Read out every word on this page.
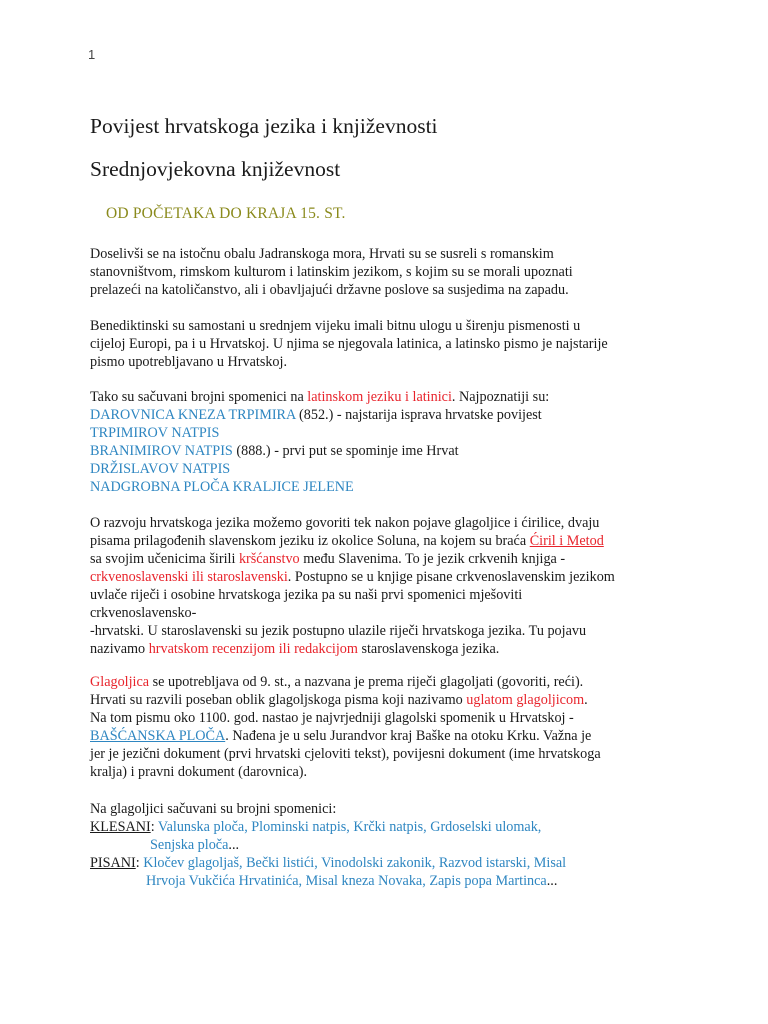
1
Povijest hrvatskoga jezika i književnosti
Srednjovjekovna književnost
OD POČETAKA DO KRAJA 15. ST.
Doselivši se na istočnu obalu Jadranskoga mora, Hrvati su se susreli s romanskim
stanovništvom, rimskom kulturom i latinskim jezikom, s kojim su se morali upoznati
prelazeći na katoličanstvo, ali i obavljajući državne poslove sa susjedima na zapadu.
Benediktinski su samostani u srednjem vijeku imali bitnu ulogu u širenju pismenosti u
cijeloj Europi, pa i u Hrvatskoj. U njima se njegovala latinica, a latinsko pismo je najstarije
pismo upotrebljavano u Hrvatskoj.
Tako su sačuvani brojni spomenici na latinskom jeziku i latinici. Najpoznatiji su:
DAROVNICA KNEZA TRPIMIRA (852.) - najstarija isprava hrvatske povijest
TRPIMIROV NATPIS
BRANIMIROV NATPIS (888.) - prvi put se spominje ime Hrvat
DRŽISLAVOV NATPIS
NADGROBNA PLOČA KRALJICE JELENE
O razvoju hrvatskoga jezika možemo govoriti tek nakon pojave glagoljice i ćirilice, dvaju
pisama prilagođenih slavenskom jeziku iz okolice Soluna, na kojem su braća Ćiril i Metod
sa svojim učenicima širili kršćanstvo među Slavenima. To je jezik crkvenih knjiga -
crkvenoslavenski ili staroslavenski. Postupno se u knjige pisane crkvenoslavenskim jezikom
uvlače riječi i osobine hrvatskoga jezika pa su naši prvi spomenici mješoviti
crkvenoslavensko-
-hrvatski. U staroslavenski su jezik postupno ulazile riječi hrvatskoga jezika. Tu pojavu
nazivamo hrvatskom recenzijom ili redakcijom staroslavenskoga jezika.
Glagoljica se upotrebljava od 9. st., a nazvana je prema riječi glagoljati (govoriti, reći).
Hrvati su razvili poseban oblik glagoljskoga pisma koji nazivamo uglatom glagoljicom.
Na tom pismu oko 1100. god. nastao je najvrjedniji glagolski spomenik u Hrvatskoj -
BAŠĆANSKA PLOČA. Nađena je u selu Jurandvor kraj Baške na otoku Krku. Važna je
jer je jezični dokument (prvi hrvatski cjeloviti tekst), povijesni dokument (ime hrvatskoga
kralja) i pravni dokument (darovnica).
Na glagoljici sačuvani su brojni spomenici:
KLESANI: Valunska ploča, Plominski natpis, Krčki natpis, Grdoselski ulomak,
Senjska ploča...
PISANI: Kločev glagoljaš, Bečki listići, Vinodolski zakonik, Razvod istarski, Misal
Hrvoja Vukčića Hrvatinića, Misal kneza Novaka, Zapis popa Martinca...
